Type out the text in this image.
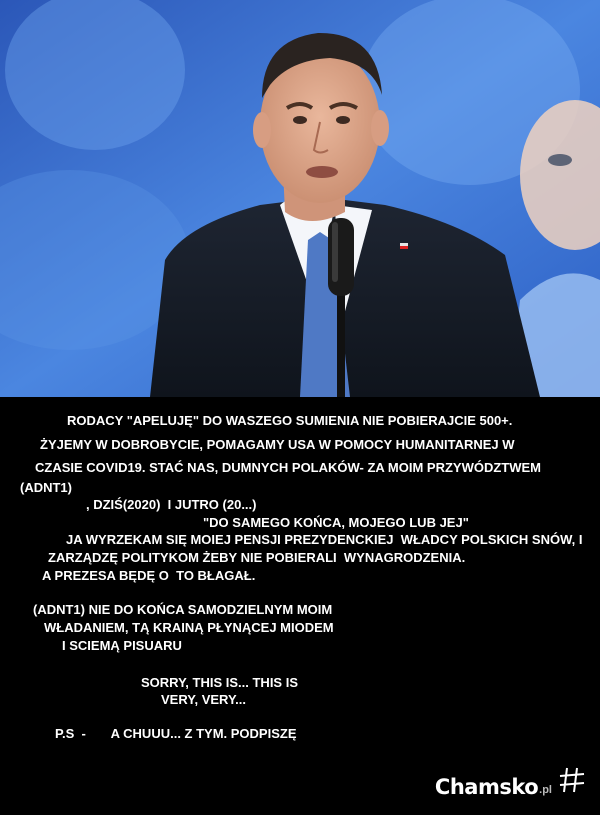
RODACY "APELUJĘ" DO WASZEGO SUMIENIA NIE POBIERAJCIE 500+.
ŻYJEMY W DOBROBYCIE, POMAGAMY USA W POMOCY HUMANITARNEJ W
CZASIE COVID19. STAĆ NAS, DUMNYCH POLAKÓW- ZA MOIM PRZYWÓDZTWEM
(ADNT1)
, DZIŚ(2020)  I JUTRO (20...)
"DO SAMEGO KOŃCA, MOJEGO LUB JEJ"
JA WYRZEKAM SIĘ MOIEJ PENSJI PREZYDENCKIEJ  WŁADCY POLSKICH SNÓW, I
ZARZĄDZĘ POLITYKOM ŻEBY NIE POBIERALI  WYNAGRODZENIA.
A PREZESA BĘDĘ O  TO BŁAGAŁ.
(ADNT1) NIE DO KOŃCA SAMODZIELNYM MOIM
WŁADANIEM, TĄ KRAINĄ PŁYNĄCEJ MIODEM
I SCIEMĄ PISUARU
SORRY, THIS IS... THIS IS
VERY, VERY...
P.S  -       A CHUUU... Z TYM. PODPISZĘ
Chamsko .pl
